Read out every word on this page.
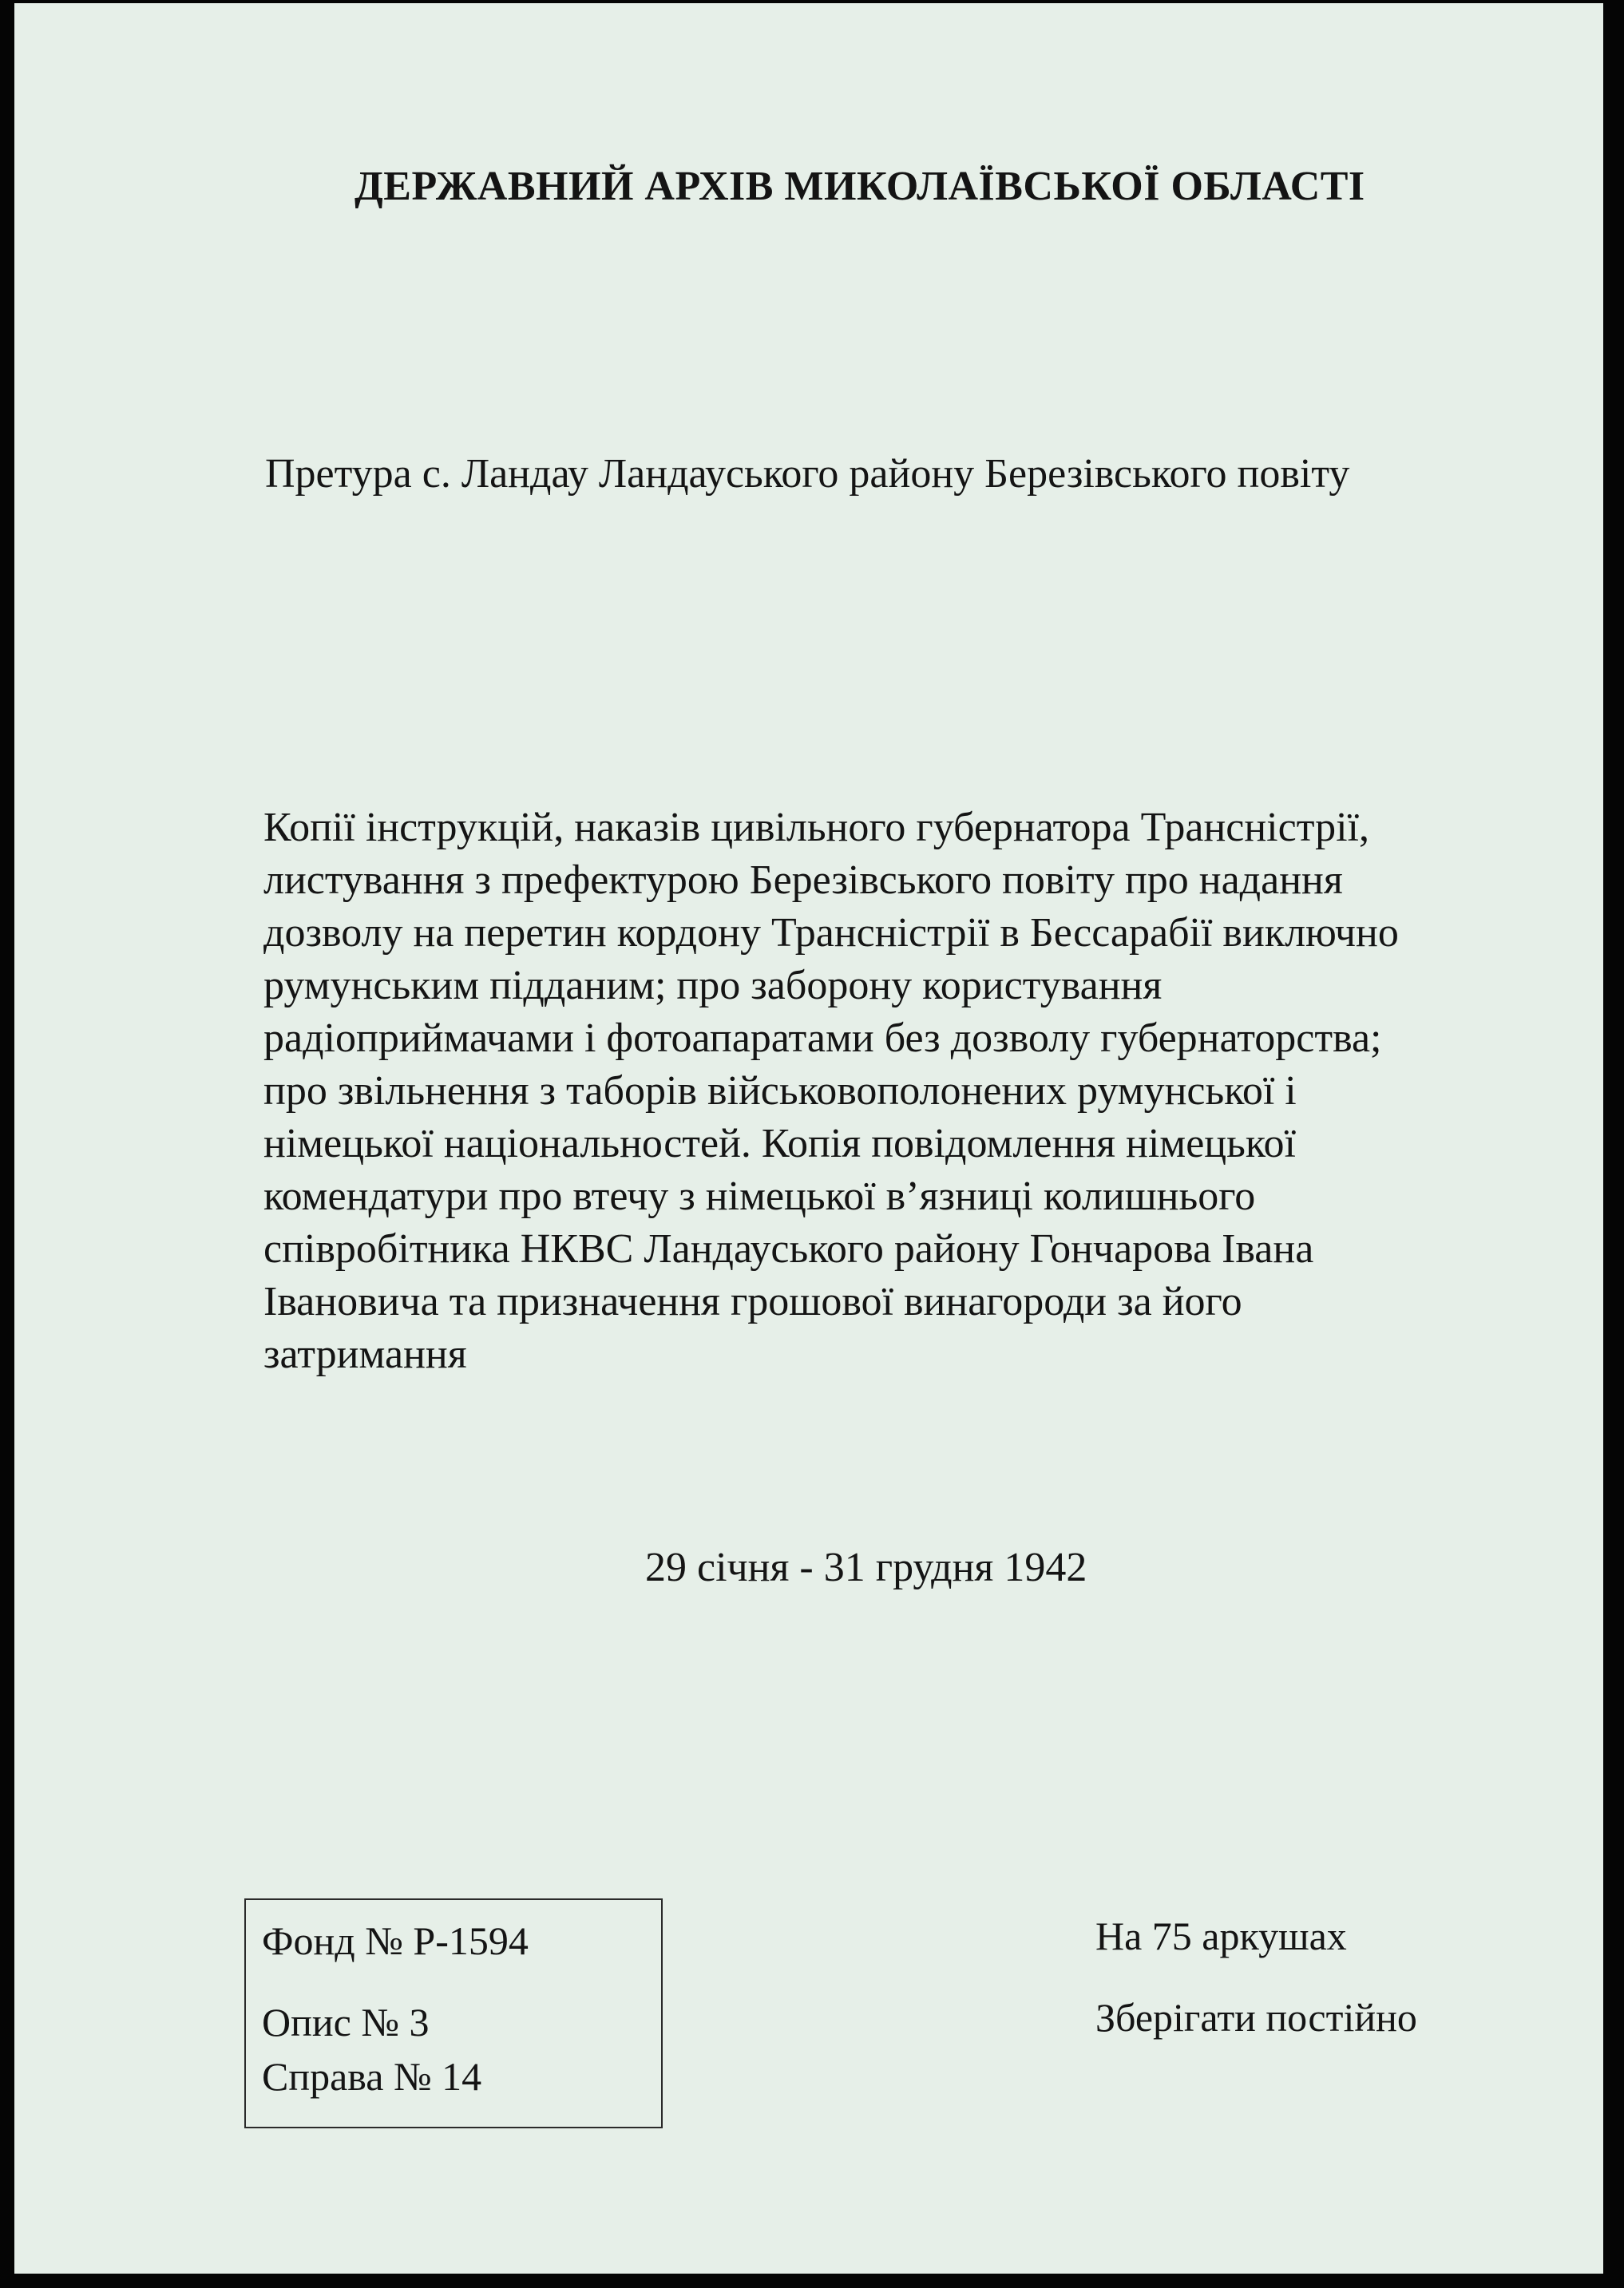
ДЕРЖАВНИЙ АРХІВ МИКОЛАЇВСЬКОЇ ОБЛАСТІ
Претура с. Ландау Ландауського району Березівського повіту

Копії інструкцій, наказів цивільного губернатора Трансністрії,
листування з префектурою Березівського повіту про надання
дозволу на перетин кордону Трансністрії в Бессарабії виключно
румунським підданим; про заборону користування
радіоприймачами і фотоапаратами без дозволу губернаторства;
про звільнення з таборів військовополонених румунської і
німецької національностей. Копія повідомлення німецької
комендатури про втечу з німецької в’язниці колишнього
співробітника НКВС Ландауського району Гончарова Івана
Івановича та призначення грошової винагороди за його
затримання

29 січня - 31 грудня 1942
Фонд № Р-1594
Опис № 3
Справа № 14
На 75 аркушах
Зберігати постійно
